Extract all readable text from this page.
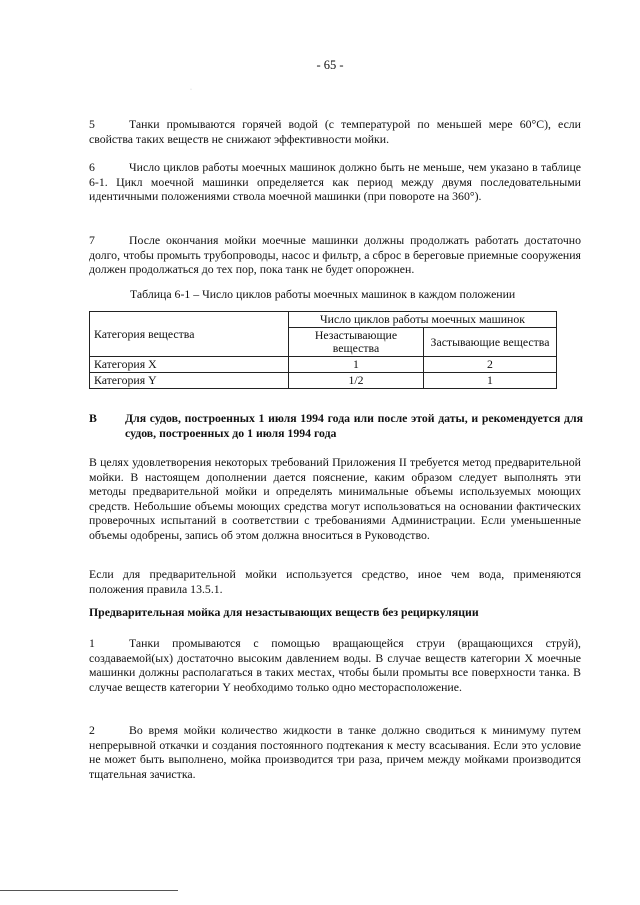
- 65 -
·
5	Танки промываются горячей водой (с температурой по меньшей мере 60°С), если свойства таких веществ не снижают эффективности мойки.
6	Число циклов работы моечных машинок должно быть не меньше, чем указано в таблице 6-1. Цикл моечной машинки определяется как период между двумя последовательными идентичными положениями ствола моечной машинки (при повороте на 360°).
7	После окончания мойки моечные машинки должны продолжать работать достаточно долго, чтобы промыть трубопроводы, насос и фильтр, а сброс в береговые приемные сооружения должен продолжаться до тех пор, пока танк не будет опорожнен.
Таблица 6-1 – Число циклов работы моечных машинок в каждом положении
Категория вещества	Число циклов работы моечных машинок	
	Незастывающие вещества	Застывающие вещества
Категория X	1	2
Категория Y	1/2	1
В Для судов, построенных 1 июля 1994 года или после этой даты, и рекомендуется для судов, построенных до 1 июля 1994 года
В целях удовлетворения некоторых требований Приложения II требуется метод предварительной мойки. В настоящем дополнении дается пояснение, каким образом следует выполнять эти методы предварительной мойки и определять минимальные объемы используемых моющих средств. Небольшие объемы моющих средства могут использоваться на основании фактических проверочных испытаний в соответствии с требованиями Администрации. Если уменьшенные объемы одобрены, запись об этом должна вноситься в Руководство.
Если для предварительной мойки используется средство, иное чем вода, применяются положения правила 13.5.1.
Предварительная мойка для незастывающих веществ без рециркуляции
1	Танки промываются с помощью вращающейся струи (вращающихся струй), создаваемой(ых) достаточно высоким давлением воды. В случае веществ категории X моечные машинки должны располагаться в таких местах, чтобы были промыты все поверхности танка. В случае веществ категории Y необходимо только одно месторасположение.
2	Во время мойки количество жидкости в танке должно сводиться к минимуму путем непрерывной откачки и создания постоянного подтекания к месту всасывания. Если это условие не может быть выполнено, мойка производится три раза, причем между мойками производится тщательная зачистка.
